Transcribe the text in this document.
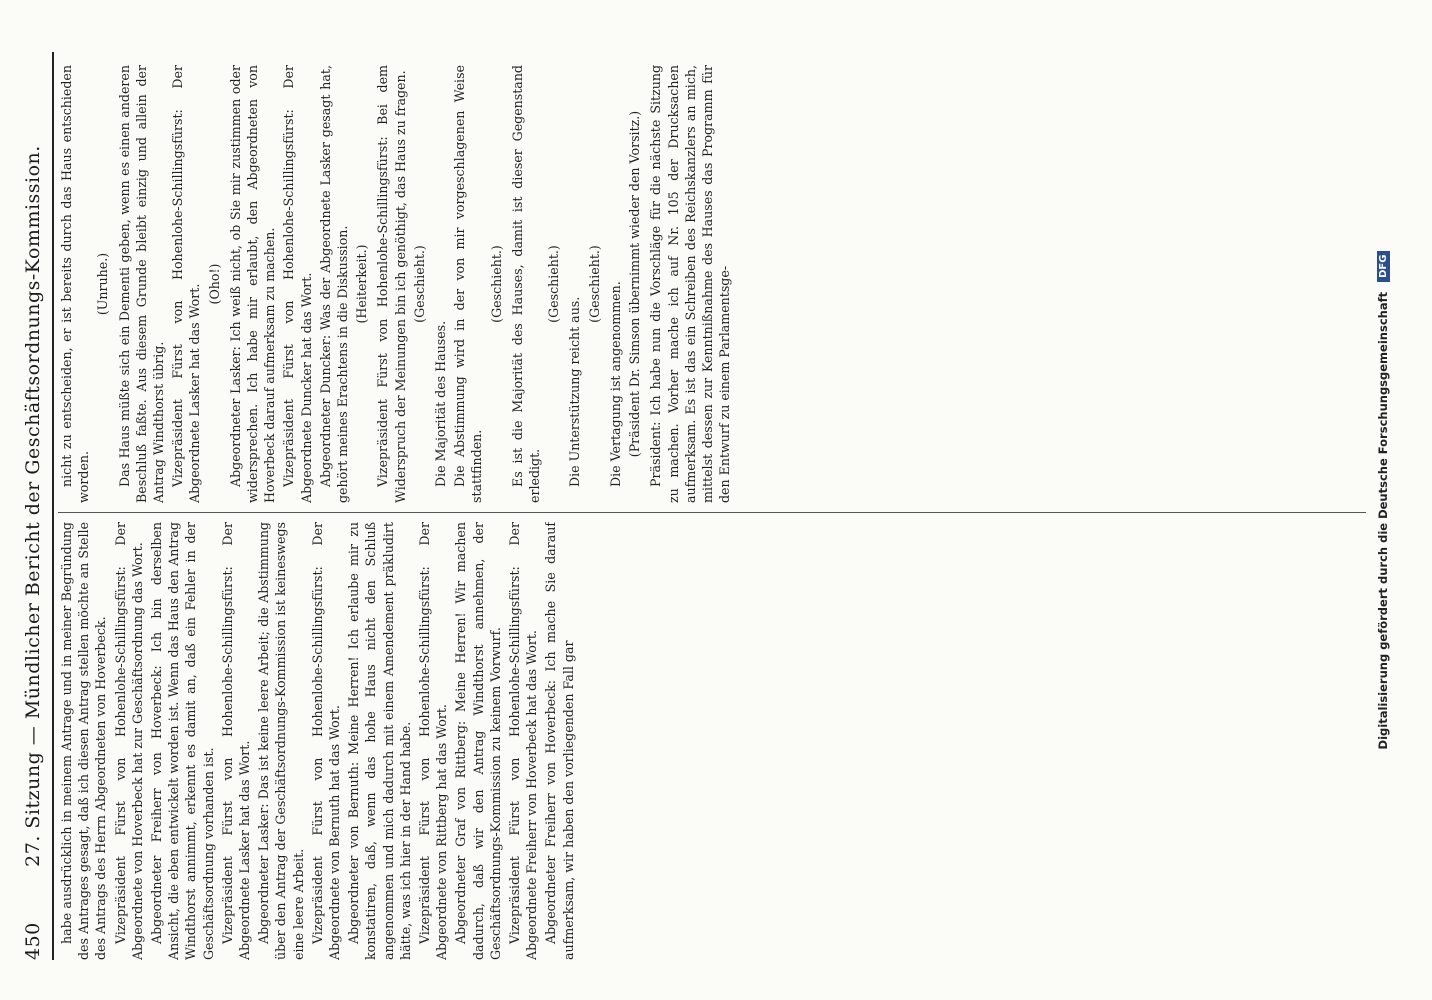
450
27. Sitzung — Mündlicher Bericht der Geschäftsordnungs-Kommission. habe ausdrücklich in meinem Antrage und in meiner Begründung des Antrages gesagt, daß ich diesen Antrag stellen möchte an Stelle des Antrags des Herrn Abgeordneten von Hoverbeck. Vizepräsident Fürst von Hohenlohe-Schillingsfürst: Der Abgeordnete von Hoverbeck hat zur Geschäftsordnung das Wort. Abgeordneter Freiherr von Hoverbeck: Ich bin derselben Ansicht, die eben entwickelt worden ist. Wenn das Haus den Antrag Windthorst annimmt, erkennt es damit an, daß ein Fehler in der Geschäftsordnung vorhanden ist. Vizepräsident Fürst von Hohenlohe-Schillingsfürst: Der Abgeordnete Lasker hat das Wort. Abgeordneter Lasker: Das ist keine leere Arbeit; die Abstimmung über den Antrag der Geschäftsordnungs-Kommission ist keineswegs eine leere Arbeit. Vizepräsident Fürst von Hohenlohe-Schillingsfürst: Der Abgeordnete von Bernuth hat das Wort. Abgeordneter von Bernuth: Meine Herren! Ich erlaube mir zu konstatiren, daß, wenn das hohe Haus nicht den Schluß angenommen und mich dadurch mit einem Amendement präkludirt hätte, was ich hier in der Hand habe. Vizepräsident Fürst von Hohenlohe-Schillingsfürst: Der Abgeordnete von Rittberg hat das Wort. Abgeordneter Graf von Rittberg: Meine Herren! Wir machen dadurch, daß wir den Antrag Windthorst annehmen, der Geschäftsordnungs-Kommission zu keinem Vorwurf. Vizepräsident Fürst von Hohenlohe-Schillingsfürst: Der Abgeordnete Freiherr von Hoverbeck hat das Wort. Abgeordneter Freiherr von Hoverbeck: Ich mache Sie darauf aufmerksam, wir haben den vorliegenden Fall gar

nicht zu entscheiden, er ist bereits durch das Haus entschieden worden.

(Unruhe.) Das Haus müßte sich ein Dementi geben, wenn es einen anderen Beschluß faßte. Aus diesem Grunde bleibt einzig und allein der Antrag Windthorst übrig. Vizepräsident Fürst von Hohenlohe-Schillingsfürst: Der Abgeordnete Lasker hat das Wort. (Oho!) Abgeordneter Lasker: Ich weiß nicht, ob Sie mir zustimmen oder widersprechen. Ich habe mir erlaubt, den Abgeordneten von Hoverbeck darauf aufmerksam zu machen. Vizepräsident Fürst von Hohenlohe-Schillingsfürst: Der Abgeordnete Duncker hat das Wort. Abgeordneter Duncker: Was der Abgeordnete Lasker gesagt hat, gehört meines Erachtens in die Diskussion. (Heiterkeit.) Vizepräsident Fürst von Hohenlohe-Schillingsfürst: Bei dem Widerspruch der Meinungen bin ich genöthigt, das Haus zu fragen. (Geschieht.)

Die Majorität des Hauses. Die Abstimmung wird in der von mir vorgeschlagenen Weise stattfinden.

(Geschieht.) Es ist die Majorität des Hauses, damit ist dieser Gegenstand erledigt.

(Geschieht.)

Die Unterstützung reicht aus.

(Geschieht.) Die Vertagung ist angenommen. (Präsident Dr. Simson übernimmt wieder den Vorsitz.) Präsident: Ich habe nun die Vorschläge für die nächste Sitzung zu machen. Vorher mache ich auf Nr. 105 der Drucksachen aufmerksam. Es ist das ein Schreiben des Reichskanzlers an mich, mittelst dessen zur Kenntnißnahme des Hauses das Programm für den Entwurf zu einem Parlamentsge-	Digitalisierung gefördert durch die Deutsche Forschungsgemeinschaft DFG
